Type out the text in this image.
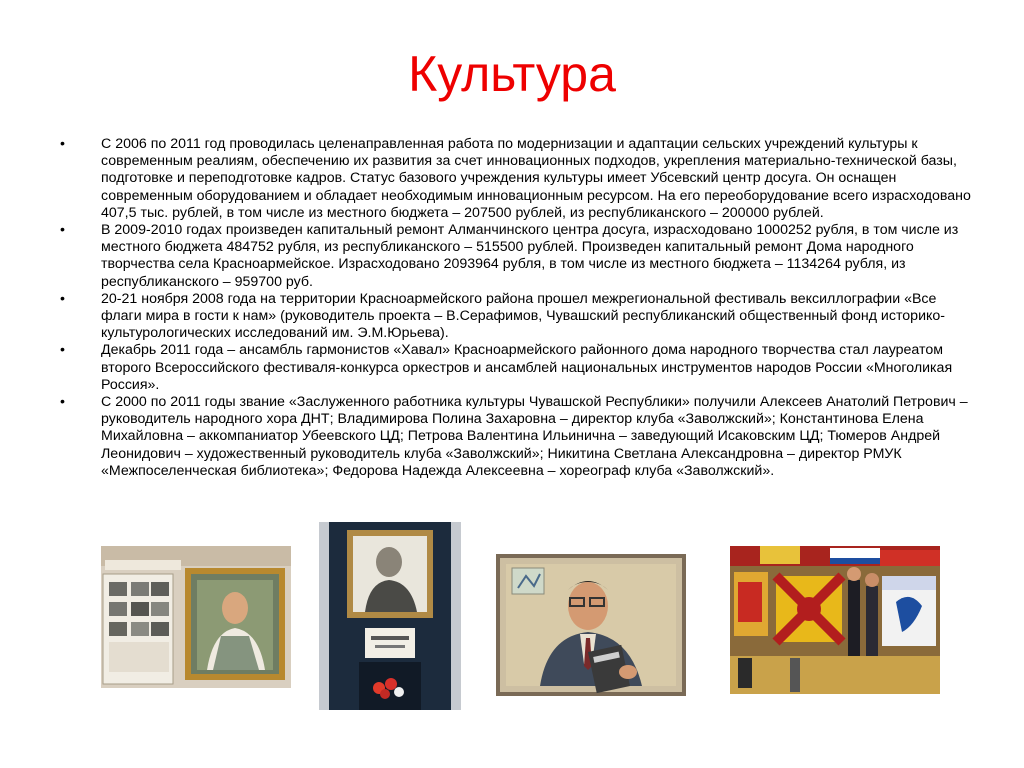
Культура
•	С 2006 по 2011 год проводилась целенаправленная работа по модернизации и адаптации сельских учреждений культуры к современным реалиям, обеспечению их развития за счет инновационных подходов, укрепления материально-технической базы, подготовке и переподготовке кадров. Статус базового учреждения культуры имеет Убсевский центр досуга. Он оснащен современным оборудованием и обладает необходимым инновационным ресурсом. На его переоборудование всего израсходовано 407,5 тыс. рублей, в том числе из местного бюджета – 207500 рублей, из республиканского – 200000 рублей.
•	В 2009-2010 годах произведен капитальный ремонт Алманчинского центра досуга, израсходовано 1000252 рубля, в том числе из местного бюджета 484752 рубля, из республиканского – 515500 рублей. Произведен капитальный ремонт Дома народного творчества села Красноармейское. Израсходовано 2093964 рубля, в том числе из местного бюджета – 1134264 рубля, из республиканского – 959700 руб.
•	20-21 ноября 2008 года на территории Красноармейского района прошел межрегиональной фестиваль вексиллографии «Все флаги мира в гости к нам» (руководитель проекта – В.Серафимов, Чувашский республиканский общественный фонд историко-культурологических исследований им. Э.М.Юрьева).
•	Декабрь 2011 года – ансамбль гармонистов «Хавал» Красноармейского районного дома народного творчества стал лауреатом второго Всероссийского фестиваля-конкурса оркестров и ансамблей национальных инструментов народов России «Многоликая Россия».
•	С 2000 по 2011 годы звание «Заслуженного работника культуры Чувашской Республики» получили Алексеев Анатолий Петрович – руководитель народного хора ДНТ; Владимирова Полина Захаровна – директор клуба «Заволжский»; Константинова Елена Михайловна – аккомпаниатор Убеевского ЦД; Петрова Валентина Ильинична – заведующий Исаковским ЦД; Тюмеров Андрей Леонидович – художественный руководитель клуба «Заволжский»; Никитина Светлана Александровна – директор РМУК «Межпоселенческая библиотека»; Федорова Надежда Алексеевна – хореограф клуба «Заволжский».
